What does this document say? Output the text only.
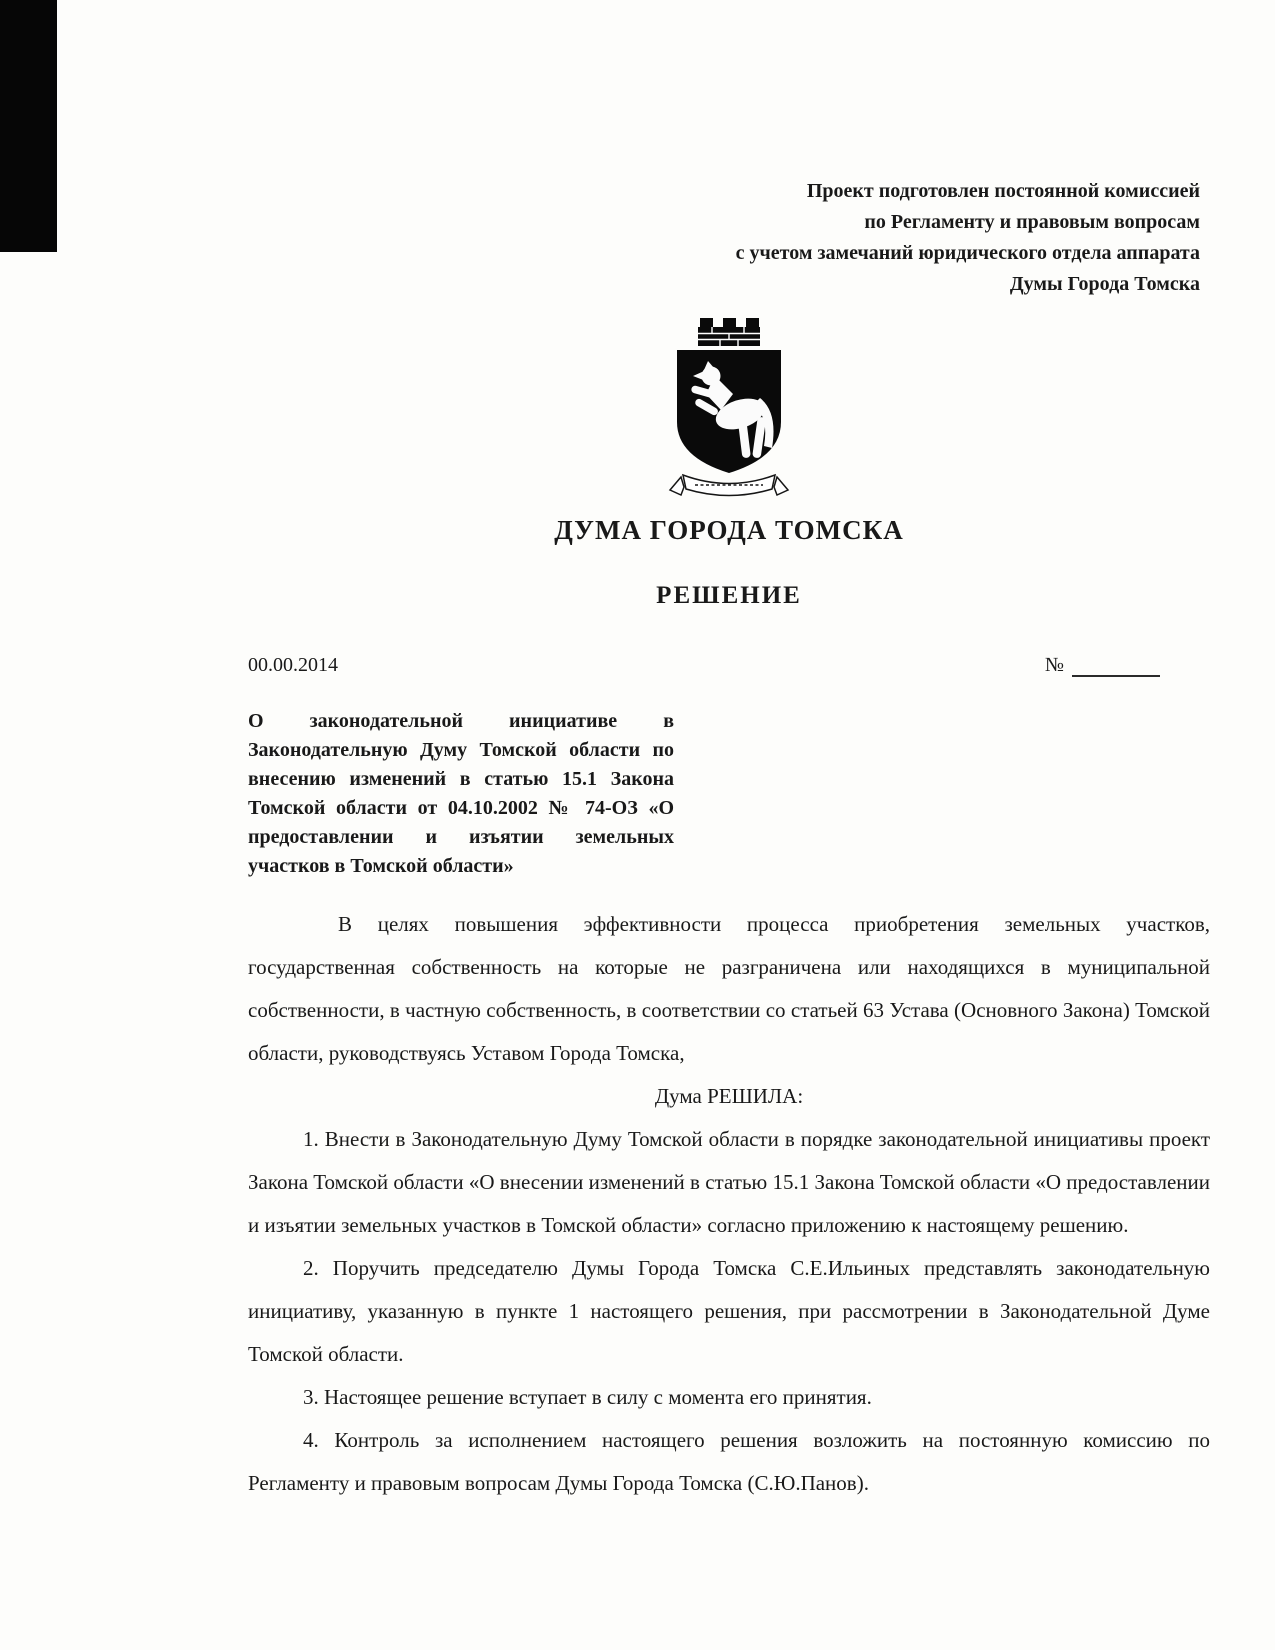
Проект подготовлен постоянной комиссией
по Регламенту и правовым вопросам
с учетом замечаний юридического отдела аппарата
Думы Города Томска
ДУМА ГОРОДА ТОМСКА
РЕШЕНИЕ
00.00.2014	№
О законодательной инициативе в Законодательную Думу Томской области по внесению изменений в статью 15.1 Закона Томской области от 04.10.2002 № 74-ОЗ «О предоставлении и изъятии земельных участков в Томской области»

В целях повышения эффективности процесса приобретения земельных участков, государственная собственность на которые не разграничена или находящихся в муниципальной собственности, в частную собственность, в соответствии со статьей 63 Устава (Основного Закона) Томской области, руководствуясь Уставом Города Томска,

Дума РЕШИЛА:

1. Внести в Законодательную Думу Томской области в порядке законодательной инициативы проект Закона Томской области «О внесении изменений в статью 15.1 Закона Томской области «О предоставлении и изъятии земельных участков в Томской области» согласно приложению к настоящему решению.

2. Поручить председателю Думы Города Томска С.Е.Ильиных представлять законодательную инициативу, указанную в пункте 1 настоящего решения, при рассмотрении в Законодательной Думе Томской области.

3. Настоящее решение вступает в силу с момента его принятия.

4. Контроль за исполнением настоящего решения возложить на постоянную комиссию по Регламенту и правовым вопросам Думы Города Томска (С.Ю.Панов).
